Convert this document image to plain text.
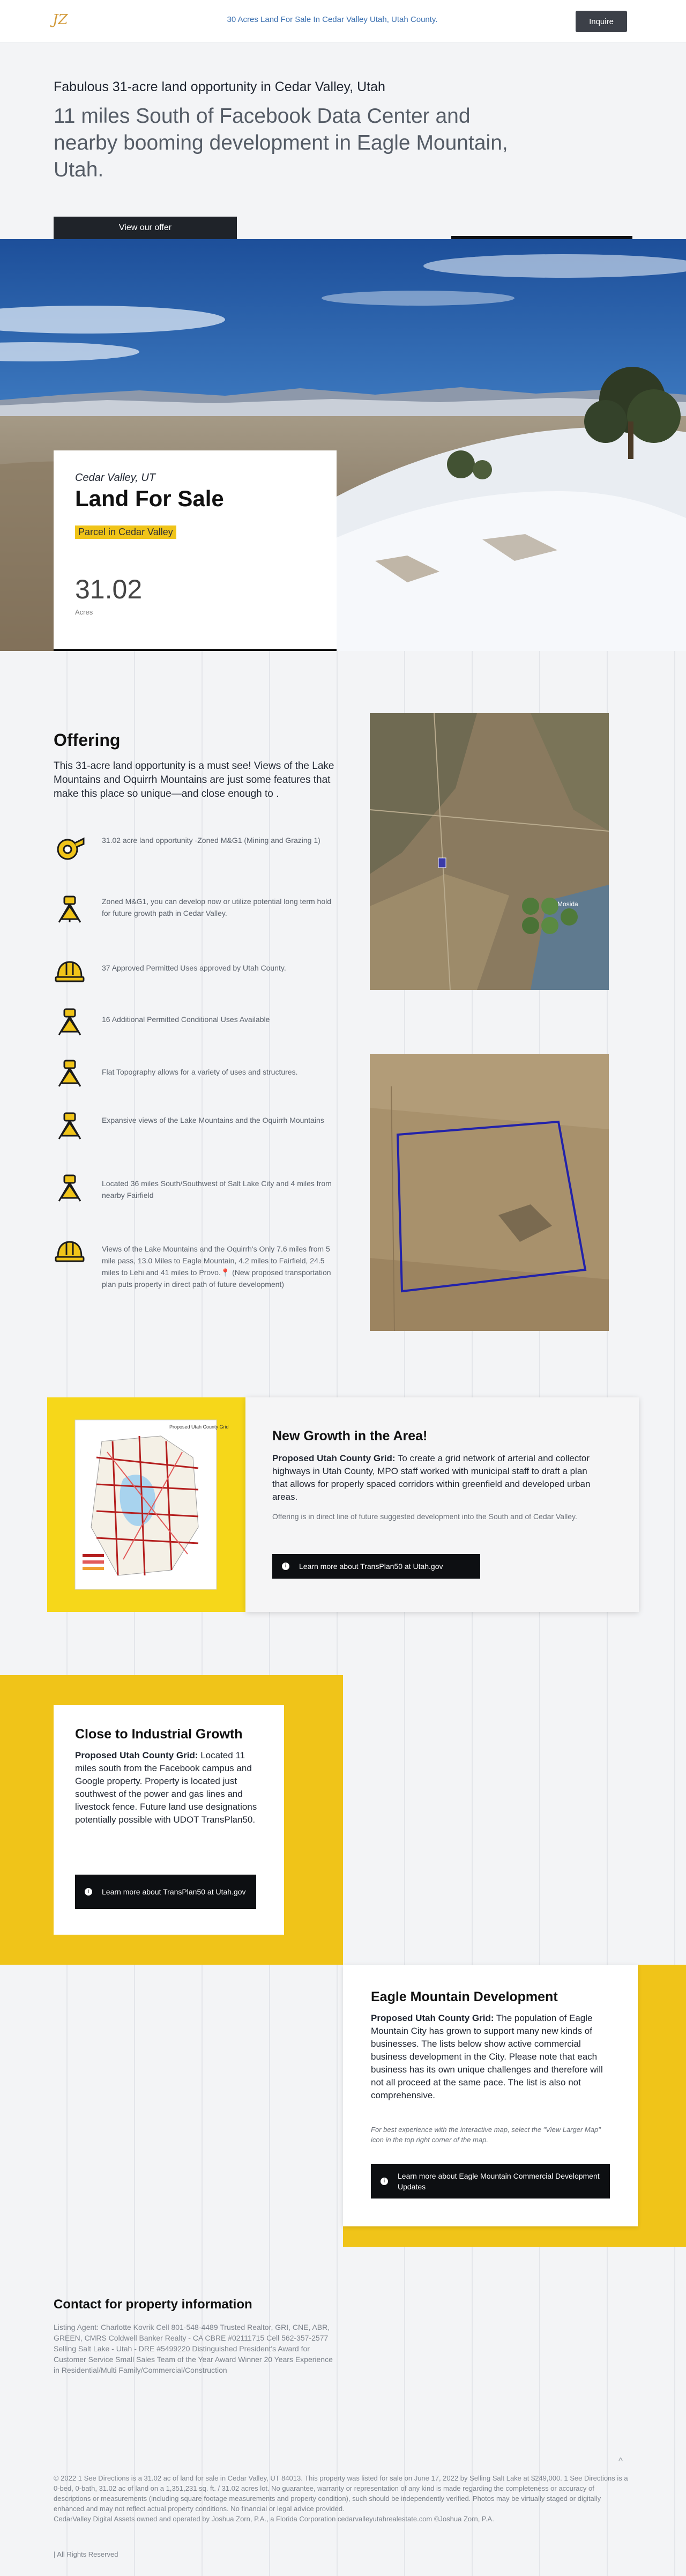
JZ	30 Acres Land For Sale In Cedar Valley Utah, Utah County.	Inquire
Fabulous 31-acre land opportunity in Cedar Valley, Utah
11 miles South of Facebook Data Center and nearby booming development in Eagle Mountain, Utah.
View our offer
Cedar Valley, UT
Land For Sale
Parcel in Cedar Valley
31.02
Acres
Offering
This 31-acre land opportunity is a must see! Views of the Lake Mountains and Oquirrh Mountains are just some features that make this place so unique—and close enough to .
31.02 acre land opportunity -Zoned M&G1 (Mining and Grazing 1)
Zoned M&G1, you can develop now or utilize potential long term hold for future growth path in Cedar Valley.
37 Approved Permitted Uses approved by Utah County.
16 Additional Permitted Conditional Uses Available
Flat Topography allows for a variety of uses and structures.
Expansive views of the Lake Mountains and the Oquirrh Mountains
Located 36 miles South/Southwest of Salt Lake City and 4 miles from nearby Fairfield
Views of the Lake Mountains and the Oquirrh's Only 7.6 miles from 5 mile pass, 13.0 Miles to Eagle Mountain, 4.2 miles to Fairfield, 24.5 miles to Lehi and 41 miles to Provo.📍 (New proposed transportation plan puts property in direct path of future development)
Mosida
Proposed Utah County Grid
New Growth in the Area!
Proposed Utah County Grid: To create a grid network of arterial and collector highways in Utah County, MPO staff worked with municipal staff to draft a plan that allows for properly spaced corridors within greenfield and developed urban areas.
Offering is in direct line of future suggested development into the South and of Cedar Valley.
i	Learn more about TransPlan50 at Utah.gov
Close to Industrial Growth
Proposed Utah County Grid: Located 11 miles south from the Facebook campus and Google property. Property is located just southwest of the power and gas lines and livestock fence. Future land use designations potentially possible with UDOT TransPlan50.
i	Learn more about TransPlan50 at Utah.gov
Eagle Mountain Development
Proposed Utah County Grid: The population of Eagle Mountain City has grown to support many new kinds of businesses. The lists below show active commercial business development in the City. Please note that each business has its own unique challenges and therefore will not all proceed at the same pace. The list is also not comprehensive.
For best experience with the interactive map, select the "View Larger Map" icon in the top right corner of the map.
i
Learn more about Eagle Mountain Commercial Development Updates
Contact for property information
Listing Agent: Charlotte Kovrik Cell 801-548-4489 Trusted Realtor, GRI, CNE, ABR, GREEN, CMRS Coldwell Banker Realty - CA CBRE #02111715 Cell 562-357-2577 Selling Salt Lake - Utah - DRE #5499220 Distinguished President's Award for Customer Service Small Sales Team of the Year Award Winner 20 Years Experience in Residential/Multi Family/Commercial/Construction
^
© 2022 1 See Directions is a 31.02 ac of land for sale in Cedar Valley, UT 84013. This property was listed for sale on June 17, 2022 by Selling Salt Lake at $249,000. 1 See Directions is a 0-bed, 0-bath, 31.02 ac of land on a 1,351,231 sq. ft. / 31.02 acres lot. No guarantee, warranty or representation of any kind is made regarding the completeness or accuracy of descriptions or measurements (including square footage measurements and property condition), such should be independently verified. Photos may be virtually staged or digitally enhanced and may not reflect actual property conditions. No financial or legal advice provided.
CedarValley Digital Assets owned and operated by Joshua Zorn, P.A., a Florida Corporation cedarvalleyutahrealestate.com ©Joshua Zorn, P.A.
| All Rights Reserved
